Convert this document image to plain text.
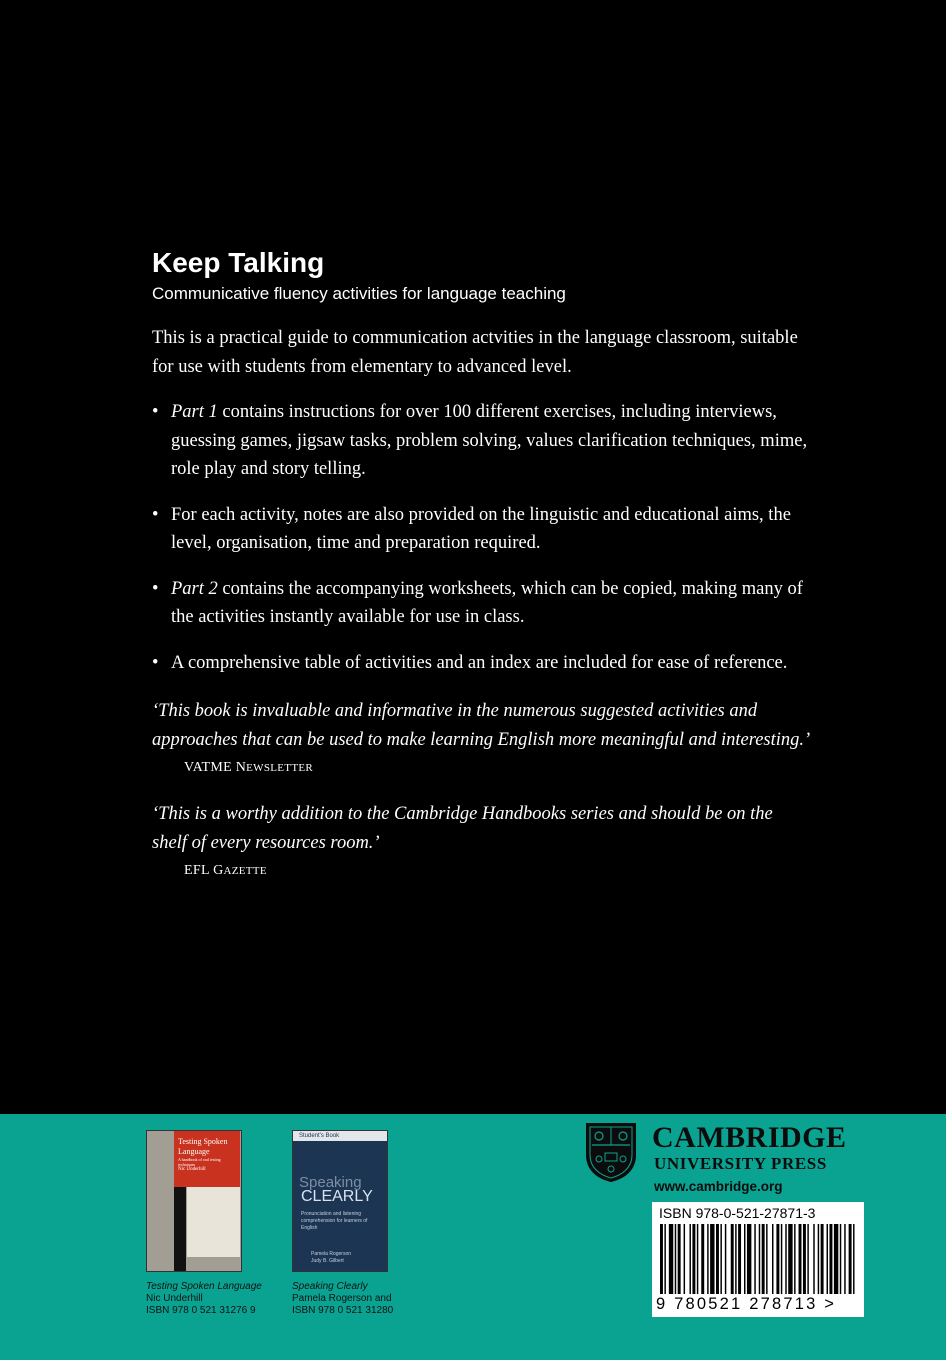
Keep Talking

Communicative fluency activities for language teaching

This is a practical guide to communication actvities in the language classroom, suitable for use with students from elementary to advanced level.

• Part 1 contains instructions for over 100 different exercises, including interviews, guessing games, jigsaw tasks, problem solving, values clarification techniques, mime, role play and story telling.
• For each activity, notes are also provided on the linguistic and educational aims, the level, organisation, time and preparation required.
• Part 2 contains the accompanying worksheets, which can be copied, making many of the activities instantly available for use in class.
• A comprehensive table of activities and an index are included for ease of reference.

‘This book is invaluable and informative in the numerous suggested activities and approaches that can be used to make learning English more meaningful and interesting.’

VATME NEWSLETTER

‘This is a worthy addition to the Cambridge Handbooks series and should be on the shelf of every resources room.’

EFL GAZETTE

Testing Spoken Language
A handbook of oral testing techniques
Nic Underhill
Testing Spoken Language
Nic Underhill
ISBN 978 0 521 31276 9
Student's Book
Speaking
CLEARLY
Pronunciation and listening comprehension for learners of English
Pamela Rogerson
Judy B. Gilbert
Speaking Clearly
Pamela Rogerson and
ISBN 978 0 521 31280

CAMBRIDGE

UNIVERSITY PRESS

www.cambridge.org

ISBN 978-0-521-27871-3
9 780521 278713 >
